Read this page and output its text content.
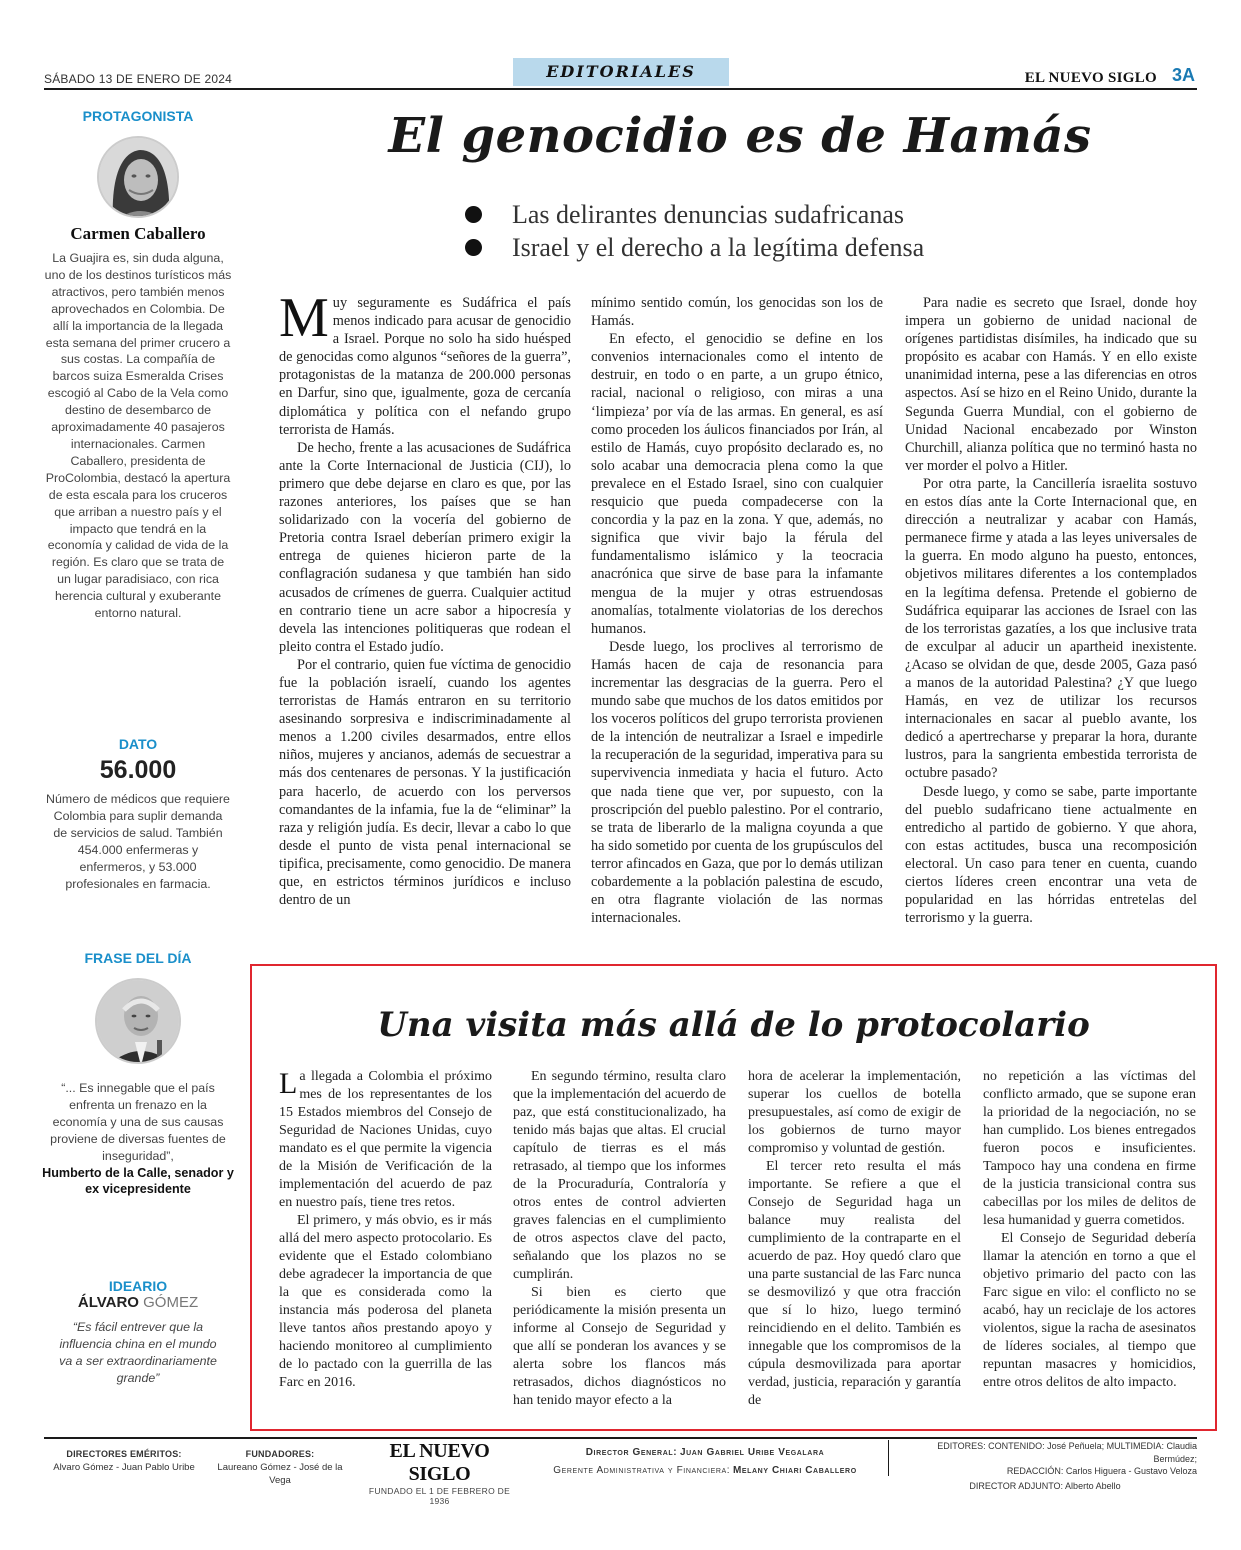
SÁBADO 13 DE ENERO DE 2024	EDITORIALES	EL NUEVO SIGLO 3A
PROTAGONISTA
Carmen Caballero
La Guajira es, sin duda alguna, uno de los destinos turísticos más atractivos, pero también menos aprovechados en Colombia. De allí la importancia de la llegada esta semana del primer crucero a sus costas. La compañía de barcos suiza Esmeralda Crises escogió al Cabo de la Vela como destino de desembarco de aproximadamente 40 pasajeros internacionales. Carmen Caballero, presidenta de ProColombia, destacó la apertura de esta escala para los cruceros que arriban a nuestro país y el impacto que tendrá en la economía y calidad de vida de la región. Es claro que se trata de un lugar paradisiaco, con rica herencia cultural y exuberante entorno natural.
DATO
56.000
Número de médicos que requiere Colombia para suplir demanda de servicios de salud. También 454.000 enfermeras y enfermeros, y 53.000 profesionales en farmacia.
FRASE DEL DÍA
“... Es innegable que el país enfrenta un frenazo en la economía y una de sus causas proviene de diversas fuentes de inseguridad”,
Humberto de la Calle, senador y ex vicepresidente
IDEARIO
ÁLVARO GÓMEZ
“Es fácil entrever que la influencia china en el mundo va a ser extraordinariamente grande”
El genocidio es de Hamás
Las delirantes denuncias sudafricanas
Israel y el derecho a la legítima defensa

Muy seguramente es Sudáfrica el país menos indicado para acusar de genocidio a Israel. Porque no solo ha sido huésped de genocidas como algunos “señores de la guerra”, protagonistas de la matanza de 200.000 personas en Darfur, sino que, igualmente, goza de cercanía diplomática y política con el nefando grupo terrorista de Hamás.

De hecho, frente a las acusaciones de Sudáfrica ante la Corte Internacional de Justicia (CIJ), lo primero que debe dejarse en claro es que, por las razones anteriores, los países que se han solidarizado con la vocería del gobierno de Pretoria contra Israel deberían primero exigir la entrega de quienes hicieron parte de la conflagración sudanesa y que también han sido acusados de crímenes de guerra. Cualquier actitud en contrario tiene un acre sabor a hipocresía y devela las intenciones politiqueras que rodean el pleito contra el Estado judío.

Por el contrario, quien fue víctima de genocidio fue la población israelí, cuando los agentes terroristas de Hamás entraron en su territorio asesinando sorpresiva e indiscriminadamente al menos a 1.200 civiles desarmados, entre ellos niños, mujeres y ancianos, además de secuestrar a más dos centenares de personas. Y la justificación para hacerlo, de acuerdo con los perversos comandantes de la infamia, fue la de “eliminar” la raza y religión judía. Es decir, llevar a cabo lo que desde el punto de vista penal internacional se tipifica, precisamente, como genocidio. De manera que, en estrictos términos jurídicos e incluso dentro de un

mínimo sentido común, los genocidas son los de Hamás.

En efecto, el genocidio se define en los convenios internacionales como el intento de destruir, en todo o en parte, a un grupo étnico, racial, nacional o religioso, con miras a una ‘limpieza’ por vía de las armas. En general, es así como proceden los áulicos financiados por Irán, al estilo de Hamás, cuyo propósito declarado es, no solo acabar una democracia plena como la que prevalece en el Estado Israel, sino con cualquier resquicio que pueda compadecerse con la concordia y la paz en la zona. Y que, además, no significa que vivir bajo la férula del fundamentalismo islámico y la teocracia anacrónica que sirve de base para la infamante mengua de la mujer y otras estruendosas anomalías, totalmente violatorias de los derechos humanos.

Desde luego, los proclives al terrorismo de Hamás hacen de caja de resonancia para incrementar las desgracias de la guerra. Pero el mundo sabe que muchos de los datos emitidos por los voceros políticos del grupo terrorista provienen de la intención de neutralizar a Israel e impedirle la recuperación de la seguridad, imperativa para su supervivencia inmediata y hacia el futuro. Acto que nada tiene que ver, por supuesto, con la proscripción del pueblo palestino. Por el contrario, se trata de liberarlo de la maligna coyunda a que ha sido sometido por cuenta de los grupúsculos del terror afincados en Gaza, que por lo demás utilizan cobardemente a la población palestina de escudo, en otra flagrante violación de las normas internacionales.

Para nadie es secreto que Israel, donde hoy impera un gobierno de unidad nacional de orígenes partidistas disímiles, ha indicado que su propósito es acabar con Hamás. Y en ello existe unanimidad interna, pese a las diferencias en otros aspectos. Así se hizo en el Reino Unido, durante la Segunda Guerra Mundial, con el gobierno de Unidad Nacional encabezado por Winston Churchill, alianza política que no terminó hasta no ver morder el polvo a Hitler.

Por otra parte, la Cancillería israelita sostuvo en estos días ante la Corte Internacional que, en dirección a neutralizar y acabar con Hamás, permanece firme y atada a las leyes universales de la guerra. En modo alguno ha puesto, entonces, objetivos militares diferentes a los contemplados en la legítima defensa. Pretende el gobierno de Sudáfrica equiparar las acciones de Israel con las de los terroristas gazatíes, a los que inclusive trata de exculpar al aducir un apartheid inexistente. ¿Acaso se olvidan de que, desde 2005, Gaza pasó a manos de la autoridad Palestina? ¿Y que luego Hamás, en vez de utilizar los recursos internacionales en sacar al pueblo avante, los dedicó a apertrecharse y preparar la hora, durante lustros, para la sangrienta embestida terrorista de octubre pasado?

Desde luego, y como se sabe, parte importante del pueblo sudafricano tiene actualmente en entredicho al partido de gobierno. Y que ahora, con estas actitudes, busca una recomposición electoral. Un caso para tener en cuenta, cuando ciertos líderes creen encontrar una veta de popularidad en las hórridas entretelas del terrorismo y la guerra.

Una visita más allá de lo protocolario

La llegada a Colombia el próximo mes de los representantes de los 15 Estados miembros del Consejo de Seguridad de Naciones Unidas, cuyo mandato es el que permite la vigencia de la Misión de Verificación de la implementación del acuerdo de paz en nuestro país, tiene tres retos.

El primero, y más obvio, es ir más allá del mero aspecto protocolario. Es evidente que el Estado colombiano debe agradecer la importancia de que la que es considerada como la instancia más poderosa del planeta lleve tantos años prestando apoyo y haciendo monitoreo al cumplimiento de lo pactado con la guerrilla de las Farc en 2016.

En segundo término, resulta claro que la implementación del acuerdo de paz, que está constitucionalizado, ha tenido más bajas que altas. El crucial capítulo de tierras es el más retrasado, al tiempo que los informes de la Procuraduría, Contraloría y otros entes de control advierten graves falencias en el cumplimiento de otros aspectos clave del pacto, señalando que los plazos no se cumplirán.

Si bien es cierto que periódicamente la misión presenta un informe al Consejo de Seguridad y que allí se ponderan los avances y se alerta sobre los flancos más retrasados, dichos diagnósticos no han tenido mayor efecto a la

hora de acelerar la implementación, superar los cuellos de botella presupuestales, así como de exigir de los gobiernos de turno mayor compromiso y voluntad de gestión.

El tercer reto resulta el más importante. Se refiere a que el Consejo de Seguridad haga un balance muy realista del cumplimiento de la contraparte en el acuerdo de paz. Hoy quedó claro que una parte sustancial de las Farc nunca se desmovilizó y que otra fracción que sí lo hizo, luego terminó reincidiendo en el delito. También es innegable que los compromisos de la cúpula desmovilizada para aportar verdad, justicia, reparación y garantía de

no repetición a las víctimas del conflicto armado, que se supone eran la prioridad de la negociación, no se han cumplido. Los bienes entregados fueron pocos e insuficientes. Tampoco hay una condena en firme de la justicia transicional contra sus cabecillas por los miles de delitos de lesa humanidad y guerra cometidos.

El Consejo de Seguridad debería llamar la atención en torno a que el objetivo primario del pacto con las Farc sigue en vilo: el conflicto no se acabó, hay un reciclaje de los actores violentos, sigue la racha de asesinatos de líderes sociales, al tiempo que repuntan masacres y homicidios, entre otros delitos de alto impacto.

DIRECTORES EMÉRITOS:
Alvaro Gómez - Juan Pablo Uribe
FUNDADORES:
Laureano Gómez - José de la Vega
EL NUEVO SIGLO
FUNDADO EL 1 DE FEBRERO DE 1936
Director General: Juan Gabriel Uribe Vegalara
Gerente Administrativa y Financiera: Melany Chiari Caballero
EDITORES: CONTENIDO: José Peñuela; MULTIMEDIA: Claudia Bermúdez;
REDACCIÓN: Carlos Higuera - Gustavo Veloza
DIRECTOR ADJUNTO: Alberto Abello
